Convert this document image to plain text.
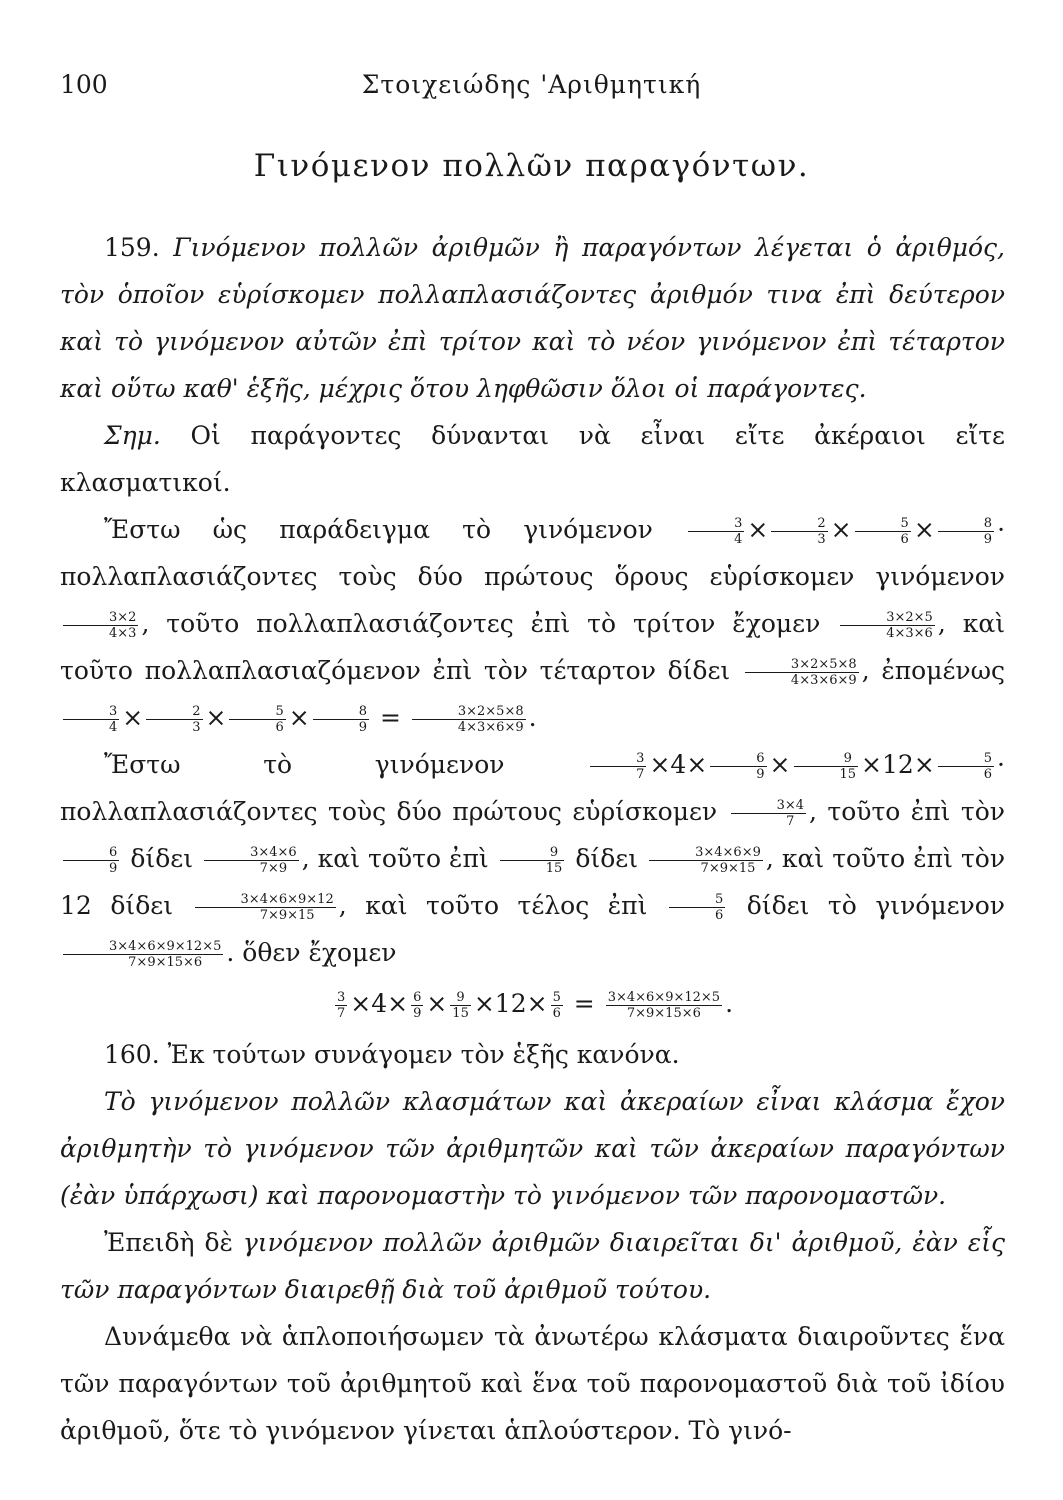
100	Στοιχειώδης 'Αριθμητική
Γινόμενον πολλῶν παραγόντων.

159. Γινόμενον πολλῶν ἀριθμῶν ἢ παραγόντων λέγεται ὁ ἀριθμός, τὸν ὁποῖον εὑρίσκομεν πολλαπλασιάζοντες ἀριθμόν τινα ἐπὶ δεύτερον καὶ τὸ γινόμενον αὐτῶν ἐπὶ τρίτον καὶ τὸ νέον γινόμενον ἐπὶ τέταρτον καὶ οὕτω καθ' ἑξῆς, μέχρις ὅτου ληφθῶσιν ὅλοι οἱ παράγοντες.

Σημ. Οἱ παράγοντες δύνανται νὰ εἶναι εἴτε ἀκέραιοι εἴτε κλασματικοί.

Ἔστω ὡς παράδειγμα τὸ γινόμενον	$\frac{3}{4} \times \frac{2}{3} \times \frac{5}{6} \times \frac{8}{9} \cdot \pi o\lambda\lambda\alpha\pi\lambda\alpha\sigma\iota ά\zeta o\nu\tau\varepsilon\varsigma$ τοὺς δύο πρώτους ὅρους εὑρίσκομεν γινόμενον
$\frac{3\times 2}{4\times 3}$ , τοῦτο πολλαπλασιάζοντες ἐπὶ τὸ τρίτον ἔχομεν $\frac{3\times 2\times 5}{4\times 3\times 6}$ , καὶ τοῦτο πολλαπλασιαζόμενον ἐπὶ τὸν τέταρτον δίδει $\frac{3\times 2\times 5\times 8}{4\times 3\times 6\times 9}$ , ἐπομένως
$\frac{3}{4} \times \frac{2}{3} \times \frac{5}{6} \times \frac{8}{9} = \frac{3\times 2\times 5\times 8}{4\times 3\times 6\times 9}$ .

Ἔστω τὸ γινόμενον	$\frac{3}{7} \times 4\times \frac{6}{9} \times \frac{9}{15} \times 12\times \frac{5}{6} \cdot \pi o\lambda\lambda\alpha\pi\lambda\alpha\sigma\iota ά\zeta o\nu\tau\varepsilon\varsigma$ τοὺς δύο πρώτους εὑρίσκομεν $\frac{3\times 4}{7}$ , τοῦτο ἐπὶ τὸν
$\frac{6}{9}$ δίδει $\frac{3\times 4\times 6}{7\times 9}$ , καὶ τοῦτο ἐπὶ $\frac{9}{15}$ δίδει $\frac{3\times 4\times 6\times 9}{7\times 9\times 15}$ , καὶ τοῦτο ἐπὶ τὸν 12 δίδει $\frac{3\times 4\times 6\times 9\times 12}{7\times 9\times 15}$ , καὶ τοῦτο τέλος ἐπὶ $\frac{5}{6}$ δίδει τὸ γινόμενον
$\frac{3\times 4\times 6\times 9\times 12\times 5}{7\times 9\times 15\times 6}$ . ὅθεν ἔχομεν

$\frac{3}{7} \times 4\times \frac{6}{9} \times \frac{9}{15} \times 12\times \frac{5}{6} = \frac{3\times 4\times 6\times 9\times 12\times 5}{7\times 9\times 15\times 6}$ .

160. Ἐκ τούτων συνάγομεν τὸν ἑξῆς κανόνα.

Τὸ γινόμενον πολλῶν κλασμάτων καὶ ἀκεραίων εἶναι κλάσμα ἔχον ἀριθμητὴν τὸ γινόμενον τῶν ἀριθμητῶν καὶ τῶν ἀκεραίων παραγόντων (ἐὰν ὑπάρχωσι) καὶ παρονομαστὴν τὸ γινόμενον τῶν παρονομαστῶν.

Ἐπειδὴ δὲ γινόμενον πολλῶν ἀριθμῶν διαιρεῖται δι' ἀριθμοῦ, ἐὰν εἷς τῶν παραγόντων διαιρεθῇ διὰ τοῦ ἀριθμοῦ τούτου.

Δυνάμεθα νὰ ἁπλοποιήσωμεν τὰ ἀνωτέρω κλάσματα διαιροῦντες ἕνα τῶν παραγόντων τοῦ ἀριθμητοῦ καὶ ἕνα τοῦ παρονομαστοῦ διὰ τοῦ ἰδίου ἀριθμοῦ, ὅτε τὸ γινόμενον γίνεται ἁπλούστερον. Τὸ γινό-
